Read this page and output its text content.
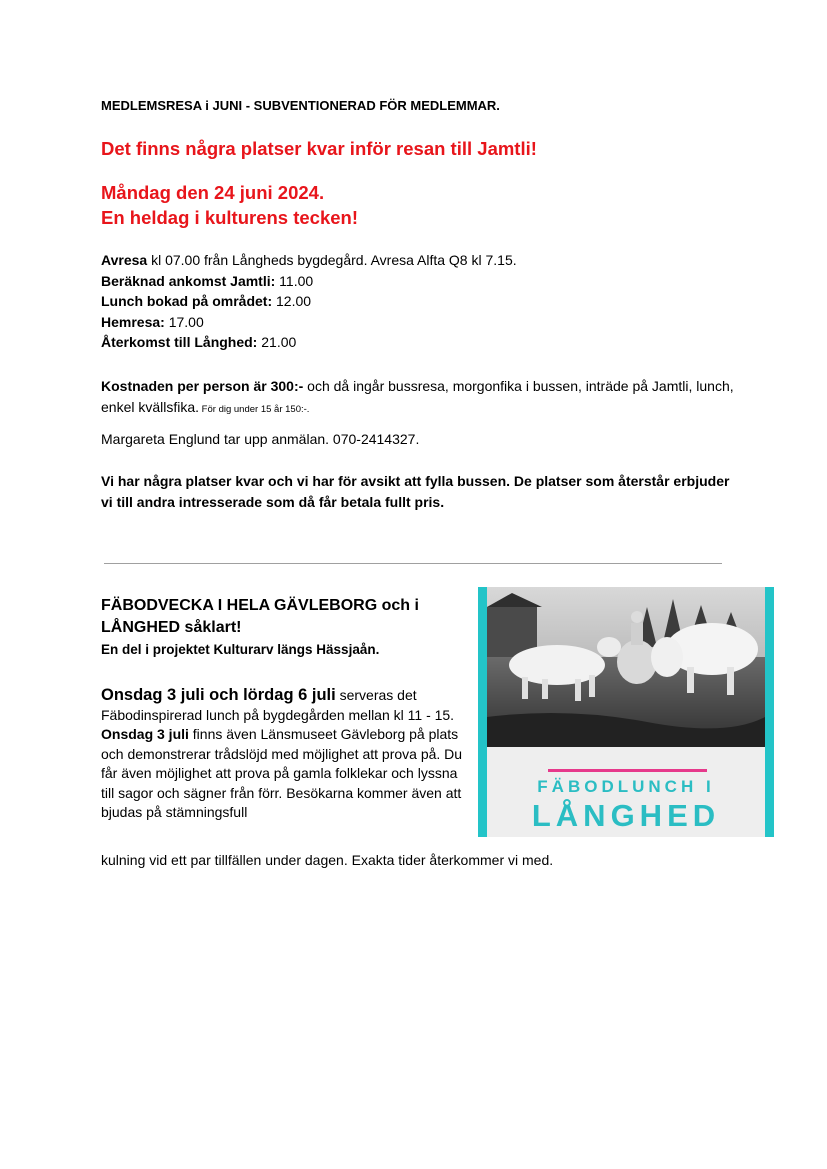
MEDLEMSRESA i JUNI - SUBVENTIONERAD FÖR MEDLEMMAR.
Det finns några platser kvar inför resan till Jamtli!
Måndag den 24 juni 2024.
En heldag i kulturens tecken!
Avresa kl 07.00 från Långheds bygdegård. Avresa Alfta Q8 kl 7.15.
Beräknad ankomst Jamtli: 11.00
Lunch bokad på området: 12.00
Hemresa: 17.00
Återkomst till Långhed: 21.00
Kostnaden per person är 300:- och då ingår bussresa, morgonfika i bussen, inträde på Jamtli, lunch, enkel kvällsfika. För dig under 15 år 150:-.
Margareta Englund tar upp anmälan. 070-2414327.
Vi har några platser kvar och vi har för avsikt att fylla bussen. De platser som återstår erbjuder vi till andra intresserade som då får betala fullt pris.
FÄBODVECKA I HELA GÄVLEBORG och i LÅNGHED såklart!
En del i projektet Kulturarv längs Hässjaån.
Onsdag 3 juli och lördag 6 juli serveras det Fäbodinspirerad lunch på bygdegården mellan kl 11 - 15.
Onsdag 3 juli finns även Länsmuseet Gävleborg på plats och demonstrerar trådslöjd med möjlighet att prova på. Du får även möjlighet att prova på gamla folklekar och lyssna till sagor och sägner från förr. Besökarna kommer även att bjudas på stämningsfull
kulning vid ett par tillfällen under dagen. Exakta tider återkommer vi med.
FÄBODLUNCH I
LÅNGHED
